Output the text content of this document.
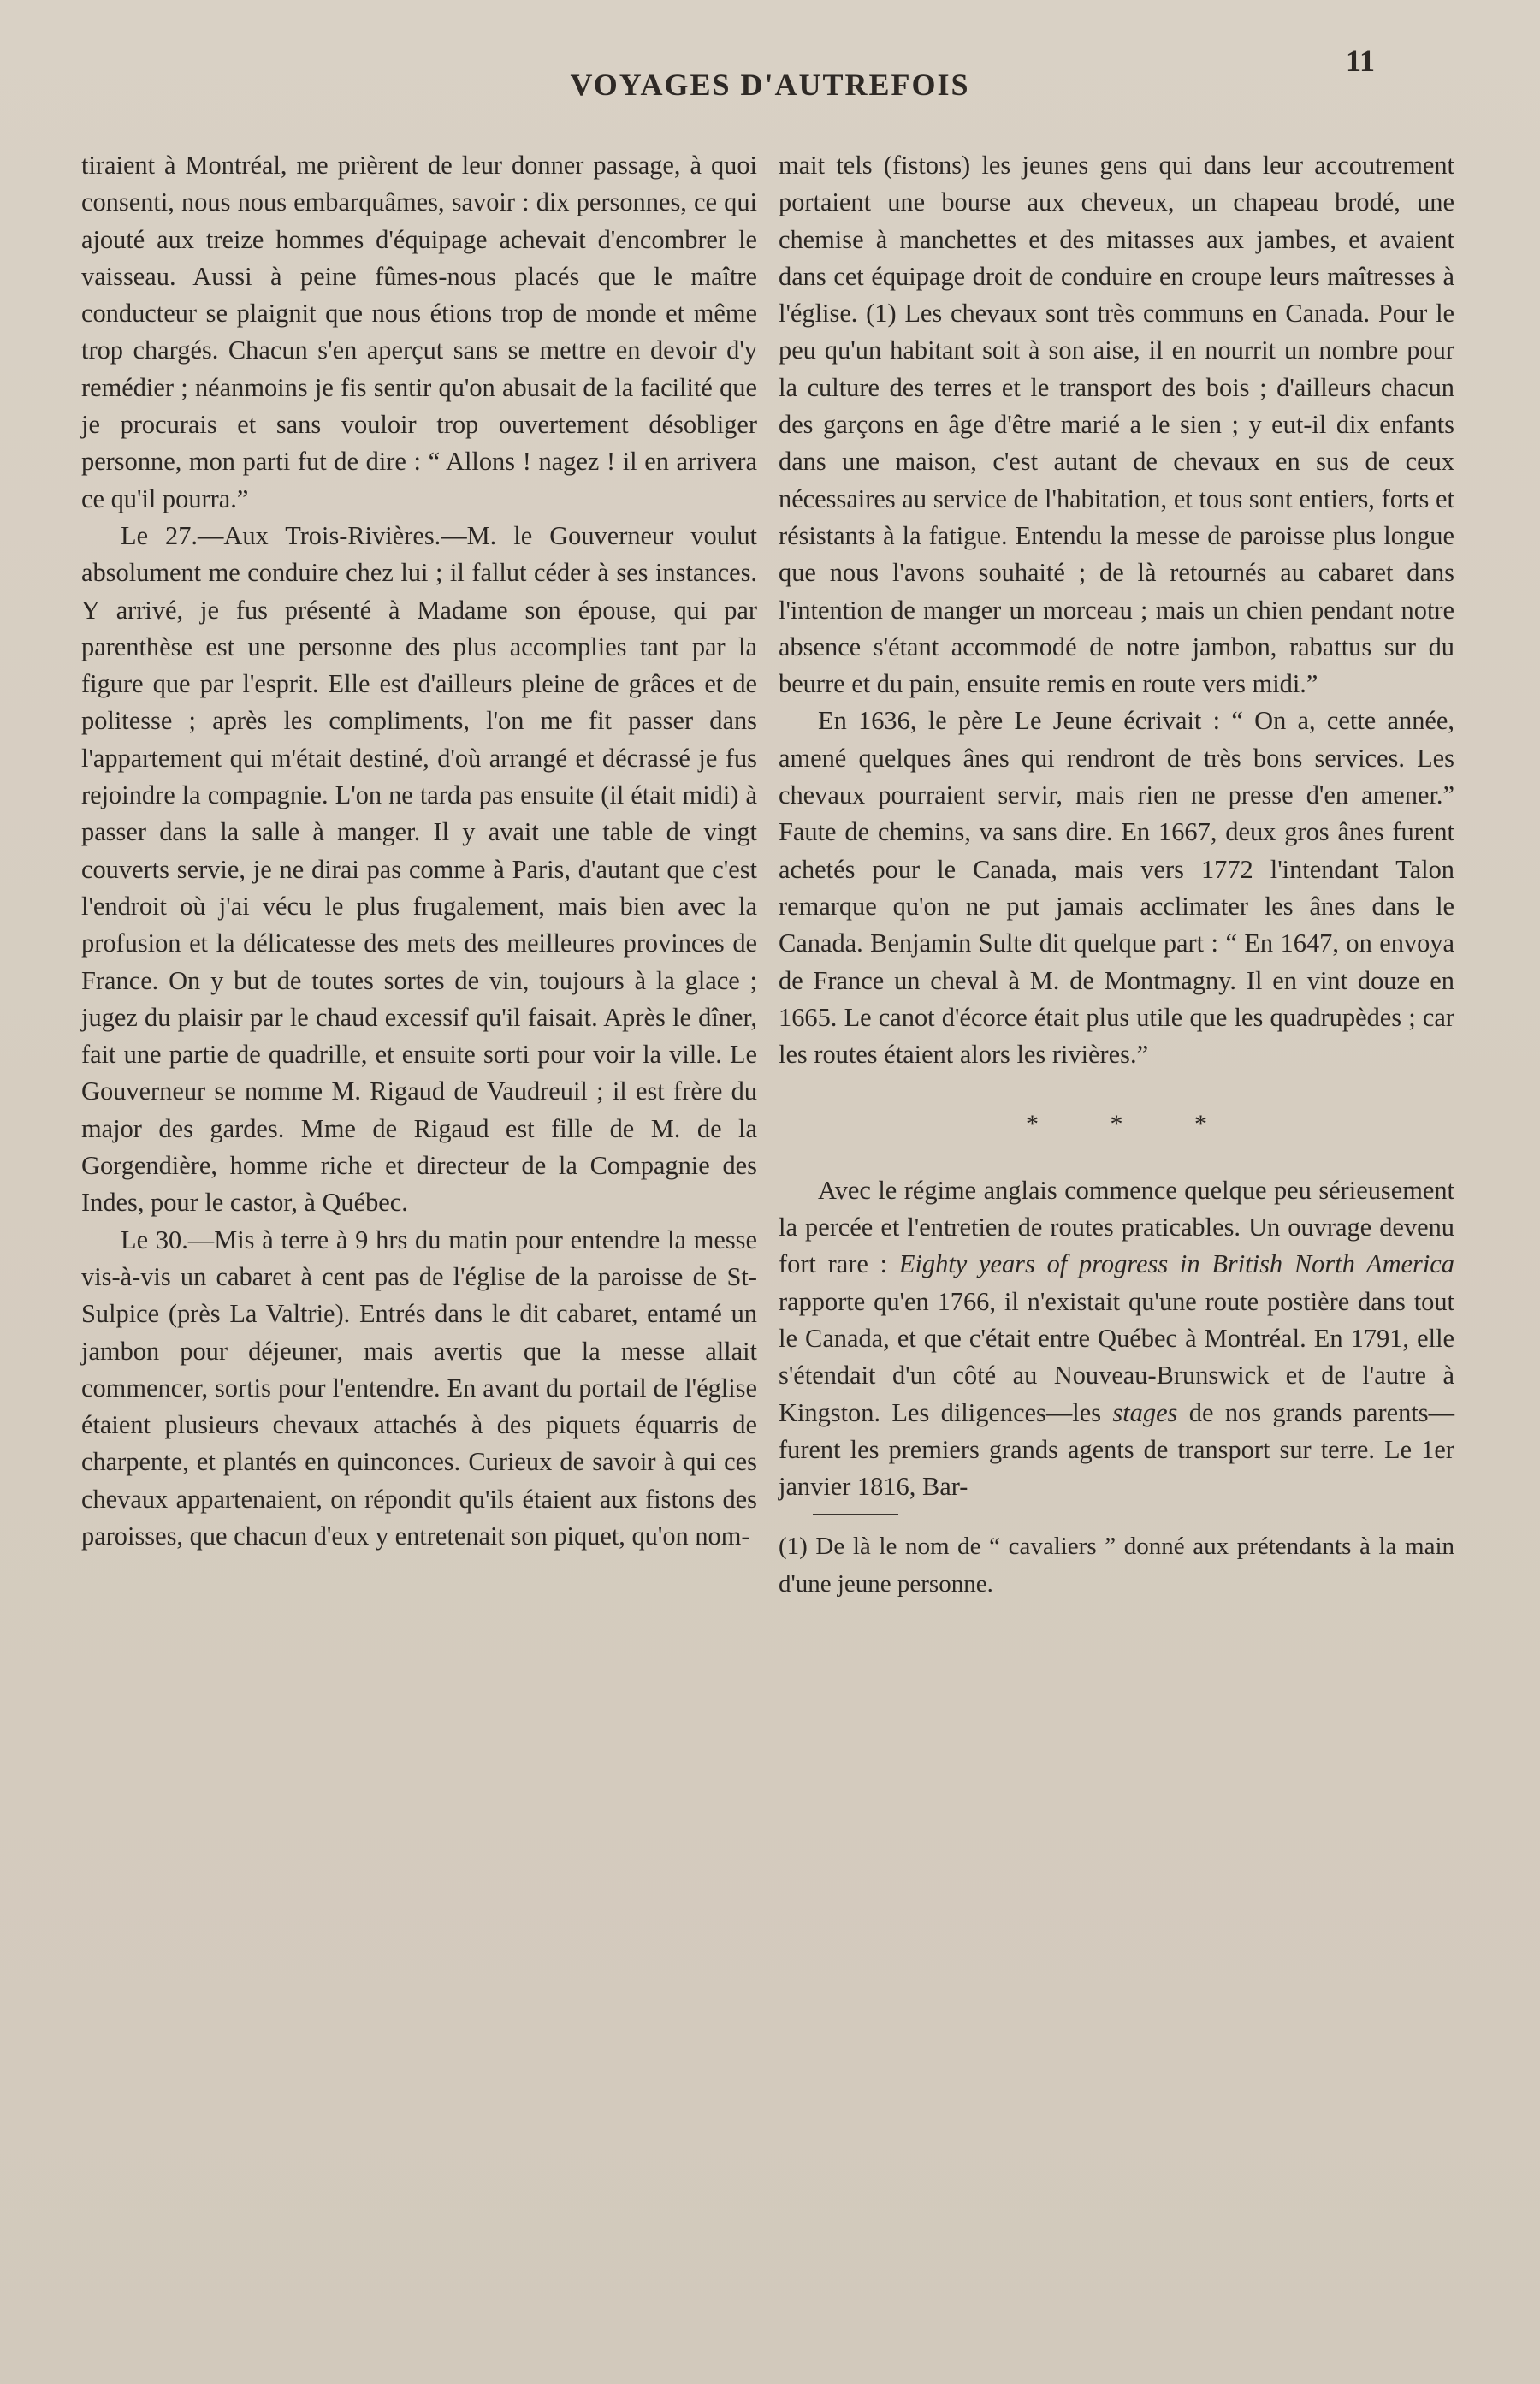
VOYAGES D'AUTREFOIS
11

tiraient à Montréal, me prièrent de leur donner passage, à quoi consenti, nous nous embarquâmes, savoir : dix personnes, ce qui ajouté aux treize hommes d'équipage achevait d'encombrer le vaisseau. Aussi à peine fûmes-nous placés que le maître conducteur se plaignit que nous étions trop de monde et même trop chargés. Chacun s'en aperçut sans se mettre en devoir d'y remédier ; néanmoins je fis sentir qu'on abusait de la facilité que je procurais et sans vouloir trop ouvertement désobliger personne, mon parti fut de dire : “ Allons ! nagez ! il en arrivera ce qu'il pourra.”

Le 27.—Aux Trois-Rivières.—M. le Gouverneur voulut absolument me conduire chez lui ; il fallut céder à ses instances. Y arrivé, je fus présenté à Madame son épouse, qui par parenthèse est une personne des plus accomplies tant par la figure que par l'esprit. Elle est d'ailleurs pleine de grâces et de politesse ; après les compliments, l'on me fit passer dans l'appartement qui m'était destiné, d'où arrangé et décrassé je fus rejoindre la compagnie. L'on ne tarda pas ensuite (il était midi) à passer dans la salle à manger. Il y avait une table de vingt couverts servie, je ne dirai pas comme à Paris, d'autant que c'est l'endroit où j'ai vécu le plus frugalement, mais bien avec la profusion et la délicatesse des mets des meilleures provinces de France. On y but de toutes sortes de vin, toujours à la glace ; jugez du plaisir par le chaud excessif qu'il faisait. Après le dîner, fait une partie de quadrille, et ensuite sorti pour voir la ville. Le Gouverneur se nomme M. Rigaud de Vaudreuil ; il est frère du major des gardes. Mme de Rigaud est fille de M. de la Gorgendière, homme riche et directeur de la Compagnie des Indes, pour le castor, à Québec.

Le 30.—Mis à terre à 9 hrs du matin pour entendre la messe vis-à-vis un cabaret à cent pas de l'église de la paroisse de St-Sulpice (près La Valtrie). Entrés dans le dit cabaret, entamé un jambon pour déjeuner, mais avertis que la messe allait commencer, sortis pour l'entendre. En avant du portail de l'église étaient plusieurs chevaux attachés à des piquets équarris de charpente, et plantés en quinconces. Curieux de savoir à qui ces chevaux appartenaient, on répondit qu'ils étaient aux fistons des paroisses, que chacun d'eux y entretenait son piquet, qu'on nom-

mait tels (fistons) les jeunes gens qui dans leur accoutrement portaient une bourse aux cheveux, un chapeau brodé, une chemise à manchettes et des mitasses aux jambes, et avaient dans cet équipage droit de conduire en croupe leurs maîtresses à l'église. (1) Les chevaux sont très communs en Canada. Pour le peu qu'un habitant soit à son aise, il en nourrit un nombre pour la culture des terres et le transport des bois ; d'ailleurs chacun des garçons en âge d'être marié a le sien ; y eut-il dix enfants dans une maison, c'est autant de chevaux en sus de ceux nécessaires au service de l'habitation, et tous sont entiers, forts et résistants à la fatigue. Entendu la messe de paroisse plus longue que nous l'avons souhaité ; de là retournés au cabaret dans l'intention de manger un morceau ; mais un chien pendant notre absence s'étant accommodé de notre jambon, rabattus sur du beurre et du pain, ensuite remis en route vers midi.”

En 1636, le père Le Jeune écrivait : “ On a, cette année, amené quelques ânes qui rendront de très bons services. Les chevaux pourraient servir, mais rien ne presse d'en amener.” Faute de chemins, va sans dire. En 1667, deux gros ânes furent achetés pour le Canada, mais vers 1772 l'intendant Talon remarque qu'on ne put jamais acclimater les ânes dans le Canada. Benjamin Sulte dit quelque part : “ En 1647, on envoya de France un cheval à M. de Montmagny. Il en vint douze en 1665. Le canot d'écorce était plus utile que les quadrupèdes ; car les routes étaient alors les rivières.”

* * *

Avec le régime anglais commence quelque peu sérieusement la percée et l'entretien de routes praticables. Un ouvrage devenu fort rare : Eighty years of progress in British North America rapporte qu'en 1766, il n'existait qu'une route postière dans tout le Canada, et que c'était entre Québec à Montréal. En 1791, elle s'étendait d'un côté au Nouveau-Brunswick et de l'autre à Kingston. Les diligences—les stages de nos grands parents—furent les premiers grands agents de transport sur terre. Le 1er janvier 1816, Bar-

(1) De là le nom de “ cavaliers ” donné aux prétendants à la main d'une jeune personne.
